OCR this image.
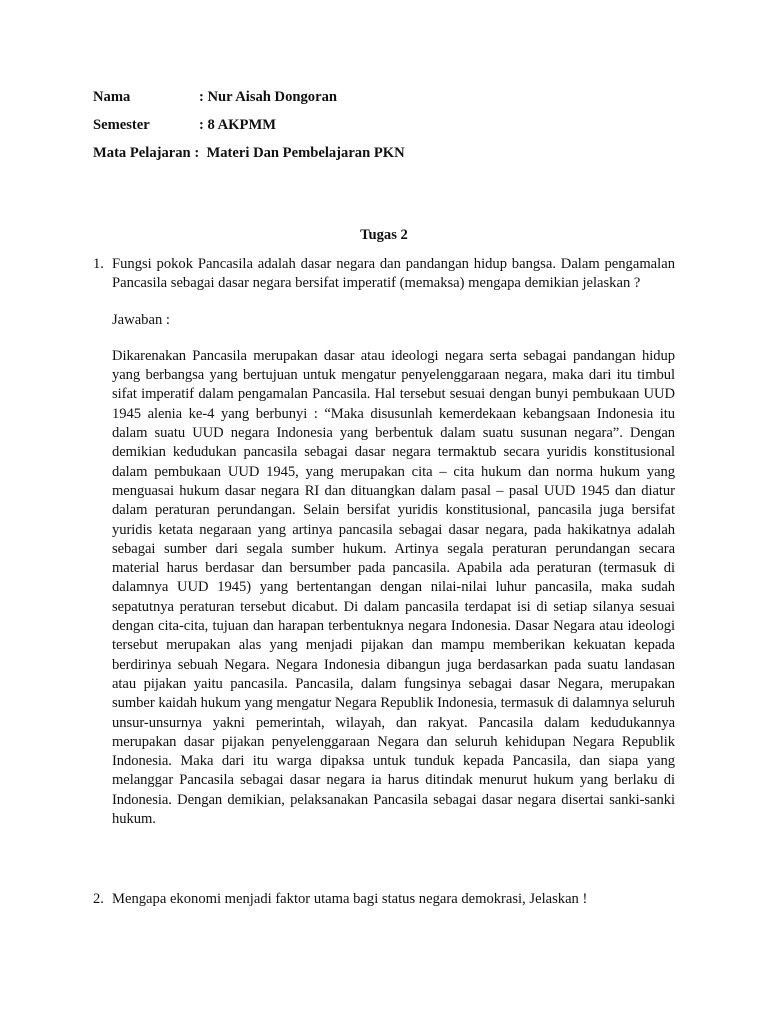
Nama	: Nur Aisah Dongoran
Semester	: 8 AKPMM
Mata Pelajaran : Materi Dan Pembelajaran PKN
Tugas 2
1. Fungsi pokok Pancasila adalah dasar negara dan pandangan hidup bangsa. Dalam pengamalan Pancasila sebagai dasar negara bersifat imperatif (memaksa) mengapa demikian jelaskan ?

Jawaban :

Dikarenakan Pancasila merupakan dasar atau ideologi negara serta sebagai pandangan hidup yang berbangsa yang bertujuan untuk mengatur penyelenggaraan negara, maka dari itu timbul sifat imperatif dalam pengamalan Pancasila. Hal tersebut sesuai dengan bunyi pembukaan UUD 1945 alenia ke-4 yang berbunyi : “Maka disusunlah kemerdekaan kebangsaan Indonesia itu dalam suatu UUD negara Indonesia yang berbentuk dalam suatu susunan negara”. Dengan demikian kedudukan pancasila sebagai dasar negara termaktub secara yuridis konstitusional dalam pembukaan UUD 1945, yang merupakan cita – cita hukum dan norma hukum yang menguasai hukum dasar negara RI dan dituangkan dalam pasal – pasal UUD 1945 dan diatur dalam peraturan perundangan. Selain bersifat yuridis konstitusional, pancasila juga bersifat yuridis ketata negaraan yang artinya pancasila sebagai dasar negara, pada hakikatnya adalah sebagai sumber dari segala sumber hukum. Artinya segala peraturan perundangan secara material harus berdasar dan bersumber pada pancasila. Apabila ada peraturan (termasuk di dalamnya UUD 1945) yang bertentangan dengan nilai-nilai luhur pancasila, maka sudah sepatutnya peraturan tersebut dicabut. Di dalam pancasila terdapat isi di setiap silanya sesuai dengan cita-cita, tujuan dan harapan terbentuknya negara Indonesia. Dasar Negara atau ideologi tersebut merupakan alas yang menjadi pijakan dan mampu memberikan kekuatan kepada berdirinya sebuah Negara. Negara Indonesia dibangun juga berdasarkan pada suatu landasan atau pijakan yaitu pancasila. Pancasila, dalam fungsinya sebagai dasar Negara, merupakan sumber kaidah hukum yang mengatur Negara Republik Indonesia, termasuk di dalamnya seluruh unsur-unsurnya yakni pemerintah, wilayah, dan rakyat. Pancasila dalam kedudukannya merupakan dasar pijakan penyelenggaraan Negara dan seluruh kehidupan Negara Republik Indonesia. Maka dari itu warga dipaksa untuk tunduk kepada Pancasila, dan siapa yang melanggar Pancasila sebagai dasar negara ia harus ditindak menurut hukum yang berlaku di Indonesia. Dengan demikian, pelaksanakan Pancasila sebagai dasar negara disertai sanki-sanki hukum.

2. Mengapa ekonomi menjadi faktor utama bagi status negara demokrasi, Jelaskan !
